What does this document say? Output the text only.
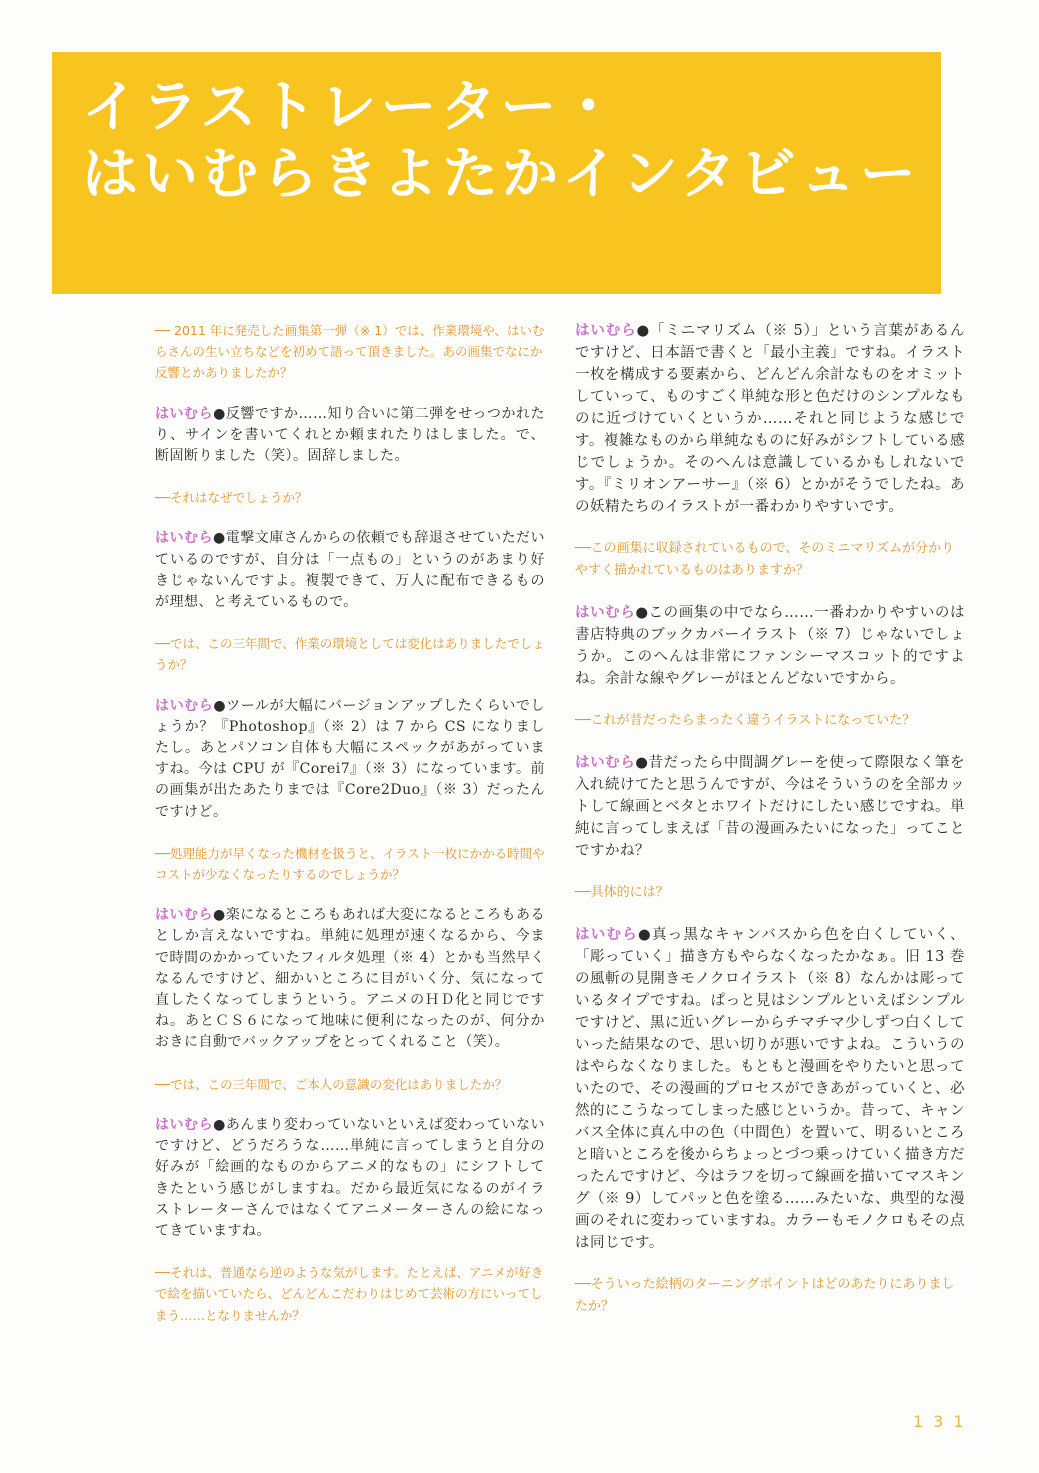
イラストレーター・
はいむらきよたかインタビュー

── 2011 年に発売した画集第一弾（※ 1）では、作業環境や、はいむらさんの生い立ちなどを初めて語って頂きました。あの画集でなにか反響とかありましたか？

はいむら●反響ですか……知り合いに第二弾をせっつかれたり、サインを書いてくれとか頼まれたりはしました。で、断固断りました（笑）。固辞しました。

──それはなぜでしょうか？

はいむら●電撃文庫さんからの依頼でも辞退させていただいているのですが、自分は「一点もの」というのがあまり好きじゃないんですよ。複製できて、万人に配布できるものが理想、と考えているもので。

──では、この三年間で、作業の環境としては変化はありましたでしょうか？

はいむら●ツールが大幅にバージョンアップしたくらいでしょうか？『Photoshop』（※ 2）は 7 から CS になりましたし。あとパソコン自体も大幅にスペックがあがっていますね。今は CPU が『Corei7』（※ 3）になっています。前の画集が出たあたりまでは『Core2Duo』（※ 3）だったんですけど。

──処理能力が早くなった機材を扱うと、イラスト一枚にかかる時間やコストが少なくなったりするのでしょうか？

はいむら●楽になるところもあれば大変になるところもあるとしか言えないですね。単純に処理が速くなるから、今まで時間のかかっていたフィルタ処理（※ 4）とかも当然早くなるんですけど、細かいところに目がいく分、気になって直したくなってしまうという。アニメのＨＤ化と同じですね。あとＣＳ６になって地味に便利になったのが、何分かおきに自動でバックアップをとってくれること（笑）。

──では、この三年間で、ご本人の意識の変化はありましたか？

はいむら●あんまり変わっていないといえば変わっていないですけど、どうだろうな……単純に言ってしまうと自分の好みが「絵画的なものからアニメ的なもの」にシフトしてきたという感じがしますね。だから最近気になるのがイラストレーターさんではなくてアニメーターさんの絵になってきていますね。

──それは、普通なら逆のような気がします。たとえば、アニメが好きで絵を描いていたら、どんどんこだわりはじめて芸術の方にいってしまう……となりませんか？

はいむら●「ミニマリズム（※ 5）」という言葉があるんですけど、日本語で書くと「最小主義」ですね。イラスト一枚を構成する要素から、どんどん余計なものをオミットしていって、ものすごく単純な形と色だけのシンプルなものに近づけていくというか……それと同じような感じです。複雑なものから単純なものに好みがシフトしている感じでしょうか。そのへんは意識しているかもしれないです。『ミリオンアーサー』（※ 6）とかがそうでしたね。あの妖精たちのイラストが一番わかりやすいです。

──この画集に収録されているもので、そのミニマリズムが分かりやすく描かれているものはありますか？

はいむら●この画集の中でなら……一番わかりやすいのは書店特典のブックカバーイラスト（※ 7）じゃないでしょうか。このへんは非常にファンシーマスコット的ですよね。余計な線やグレーがほとんどないですから。

──これが昔だったらまったく違うイラストになっていた？

はいむら●昔だったら中間調グレーを使って際限なく筆を入れ続けてたと思うんですが、今はそういうのを全部カットして線画とベタとホワイトだけにしたい感じですね。単純に言ってしまえば「昔の漫画みたいになった」ってことですかね？

──具体的には？

はいむら●真っ黒なキャンバスから色を白くしていく、「彫っていく」描き方もやらなくなったかなぁ。旧 13 巻の風斬の見開きモノクロイラスト（※ 8）なんかは彫っているタイプですね。ぱっと見はシンプルといえばシンプルですけど、黒に近いグレーからチマチマ少しずつ白くしていった結果なので、思い切りが悪いですよね。こういうのはやらなくなりました。もともと漫画をやりたいと思っていたので、その漫画的プロセスができあがっていくと、必然的にこうなってしまった感じというか。昔って、キャンバス全体に真ん中の色（中間色）を置いて、明るいところと暗いところを後からちょっとづつ乗っけていく描き方だったんですけど、今はラフを切って線画を描いてマスキング（※ 9）してパッと色を塗る……みたいな、典型的な漫画のそれに変わっていますね。カラーもモノクロもその点は同じです。

──そういった絵柄のターニングポイントはどのあたりにありましたか？

131
